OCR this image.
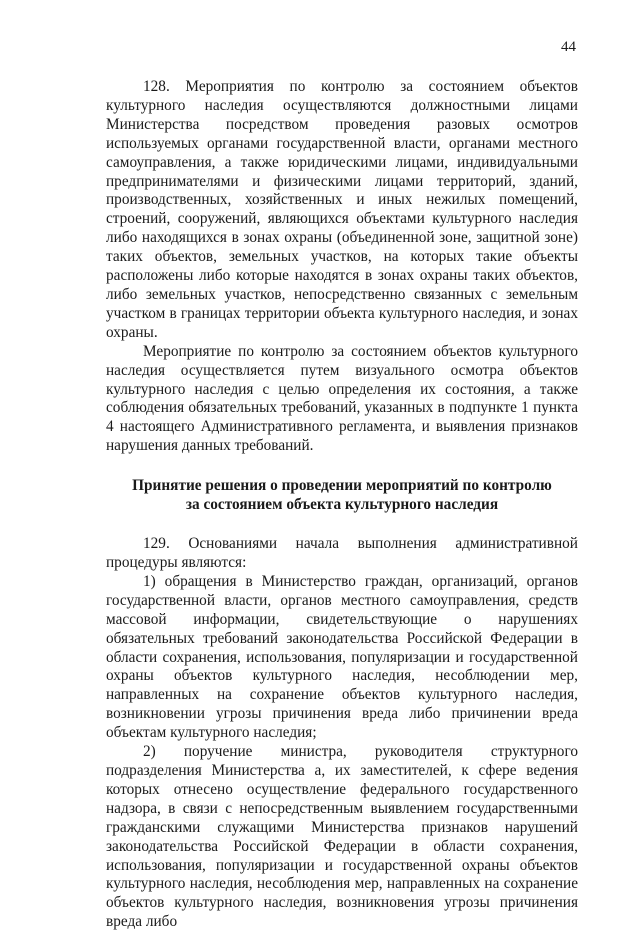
44

128. Мероприятия по контролю за состоянием объектов культурного наследия осуществляются должностными лицами Министерства посредством проведения разовых осмотров используемых органами государственной власти, органами местного самоуправления, а также юридическими лицами, индивидуальными предпринимателями и физическими лицами территорий, зданий, производственных, хозяйственных и иных нежилых помещений, строений, сооружений, являющихся объектами культурного наследия либо находящихся в зонах охраны (объединенной зоне, защитной зоне) таких объектов, земельных участков, на которых такие объекты расположены либо которые находятся в зонах охраны таких объектов, либо земельных участков, непосредственно связанных с земельным участком в границах территории объекта культурного наследия, и зонах охраны.

Мероприятие по контролю за состоянием объектов культурного наследия осуществляется путем визуального осмотра объектов культурного наследия с целью определения их состояния, а также соблюдения обязательных требований, указанных в подпункте 1 пункта 4 настоящего Административного регламента, и выявления признаков нарушения данных требований.

Принятие решения о проведении мероприятий по контролю
за состоянием объекта культурного наследия

129. Основаниями начала выполнения административной процедуры являются:

1) обращения в Министерство граждан, организаций, органов государственной власти, органов местного самоуправления, средств массовой информации, свидетельствующие о нарушениях обязательных требований законодательства Российской Федерации в области сохранения, использования, популяризации и государственной охраны объектов культурного наследия, несоблюдении мер, направленных на сохранение объектов культурного наследия, возникновении угрозы причинения вреда либо причинении вреда объектам культурного наследия;

2) поручение министра, руководителя структурного подразделения Министерства а, их заместителей, к сфере ведения которых отнесено осуществление федерального государственного надзора, в связи с непосредственным выявлением государственными гражданскими служащими Министерства признаков нарушений законодательства Российской Федерации в области сохранения, использования, популяризации и государственной охраны объектов культурного наследия, несоблюдения мер, направленных на сохранение объектов культурного наследия, возникновения угрозы причинения вреда либо
